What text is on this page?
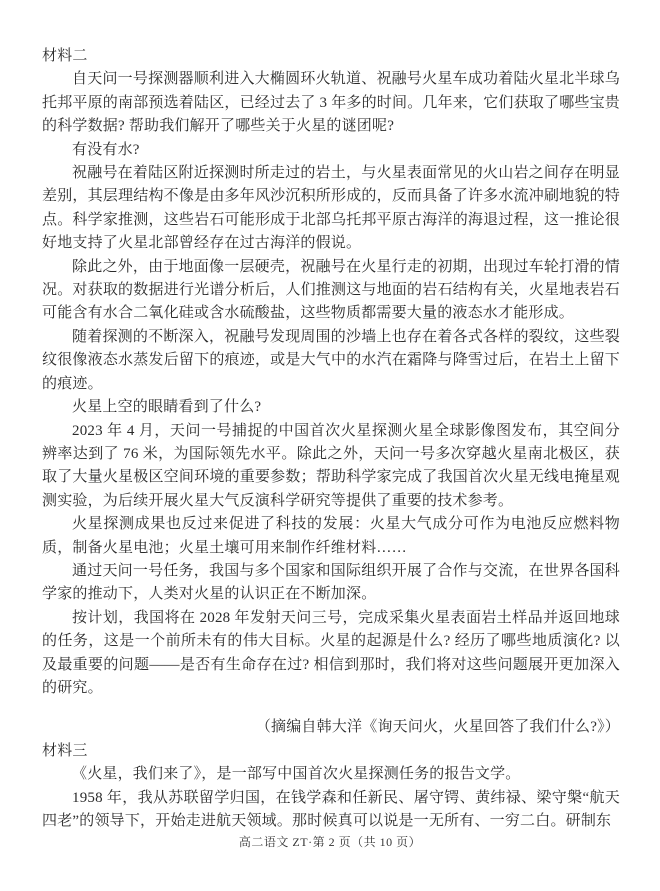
材料二

自天问一号探测器顺利进入大椭圆环火轨道、祝融号火星车成功着陆火星北半球乌托邦平原的南部预选着陆区，已经过去了 3 年多的时间。几年来，它们获取了哪些宝贵的科学数据? 帮助我们解开了哪些关于火星的谜团呢?

有没有水?

祝融号在着陆区附近探测时所走过的岩土，与火星表面常见的火山岩之间存在明显差别，其层理结构不像是由多年风沙沉积所形成的，反而具备了许多水流冲刷地貌的特点。科学家推测，这些岩石可能形成于北部乌托邦平原古海洋的海退过程，这一推论很好地支持了火星北部曾经存在过古海洋的假说。

除此之外，由于地面像一层硬壳，祝融号在火星行走的初期，出现过车轮打滑的情况。对获取的数据进行光谱分析后，人们推测这与地面的岩石结构有关，火星地表岩石可能含有水合二氧化硅或含水硫酸盐，这些物质都需要大量的液态水才能形成。

随着探测的不断深入，祝融号发现周围的沙墙上也存在着各式各样的裂纹，这些裂纹很像液态水蒸发后留下的痕迹，或是大气中的水汽在霜降与降雪过后，在岩土上留下的痕迹。

火星上空的眼睛看到了什么?

2023 年 4 月，天问一号捕捉的中国首次火星探测火星全球影像图发布，其空间分辨率达到了 76 米，为国际领先水平。除此之外，天问一号多次穿越火星南北极区，获取了大量火星极区空间环境的重要参数；帮助科学家完成了我国首次火星无线电掩星观测实验，为后续开展火星大气反演科学研究等提供了重要的技术参考。

火星探测成果也反过来促进了科技的发展：火星大气成分可作为电池反应燃料物质，制备火星电池；火星土壤可用来制作纤维材料……

通过天问一号任务，我国与多个国家和国际组织开展了合作与交流，在世界各国科学家的推动下，人类对火星的认识正在不断加深。

按计划，我国将在 2028 年发射天问三号，完成采集火星表面岩土样品并返回地球的任务，这是一个前所未有的伟大目标。火星的起源是什么? 经历了哪些地质演化? 以及最重要的问题——是否有生命存在过? 相信到那时，我们将对这些问题展开更加深入的研究。

（摘编自韩大洋《询天问火，火星回答了我们什么?》）

材料三

《火星，我们来了》，是一部写中国首次火星探测任务的报告文学。

1958 年，我从苏联留学归国，在钱学森和任新民、屠守锷、黄纬禄、梁守槃“航天四老”的领导下，开始走进航天领域。那时候真可以说是一无所有、一穷二白。研制东

高二语文 ZT·第 2 页（共 10 页）
